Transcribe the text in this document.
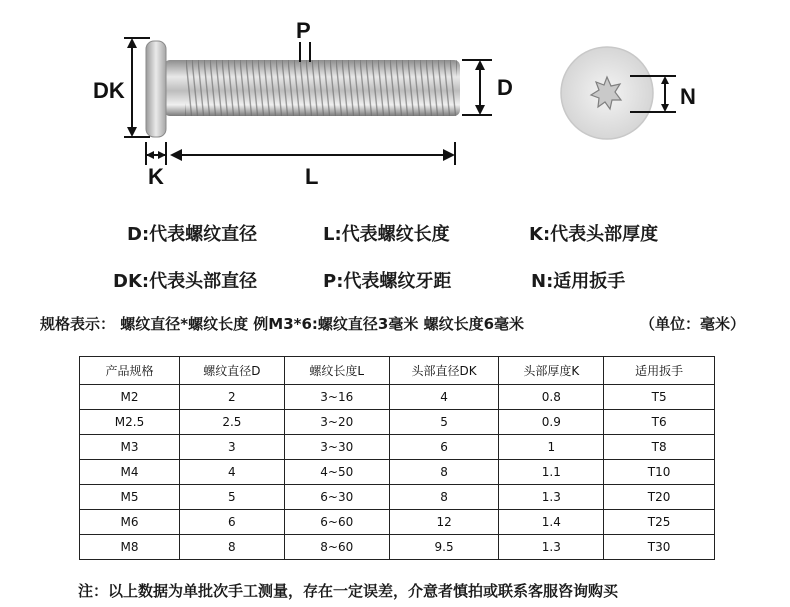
DK
P
D
K	L
N
D:代表螺纹直径	L:代表螺纹长度	K:代表头部厚度
DK:代表头部直径	P:代表螺纹牙距	N:适用扳手
规格表示： 螺纹直径*螺纹长度 例M3*6:螺纹直径3毫米 螺纹长度6毫米	（单位：毫米）
产品规格	螺纹直径D	螺纹长度L	头部直径DK	头部厚度K	适用扳手
M2	2	3~16	4	0.8	T5
M2.5	2.5	3~20	5	0.9	T6
M3	3	3~30	6	1	T8
M4	4	4~50	8	1.1	T10
M5	5	6~30	8	1.3	T20
M6	6	6~60	12	1.4	T25
M8	8	8~60	9.5	1.3	T30
注：以上数据为单批次手工测量，存在一定误差，介意者慎拍或联系客服咨询购买
